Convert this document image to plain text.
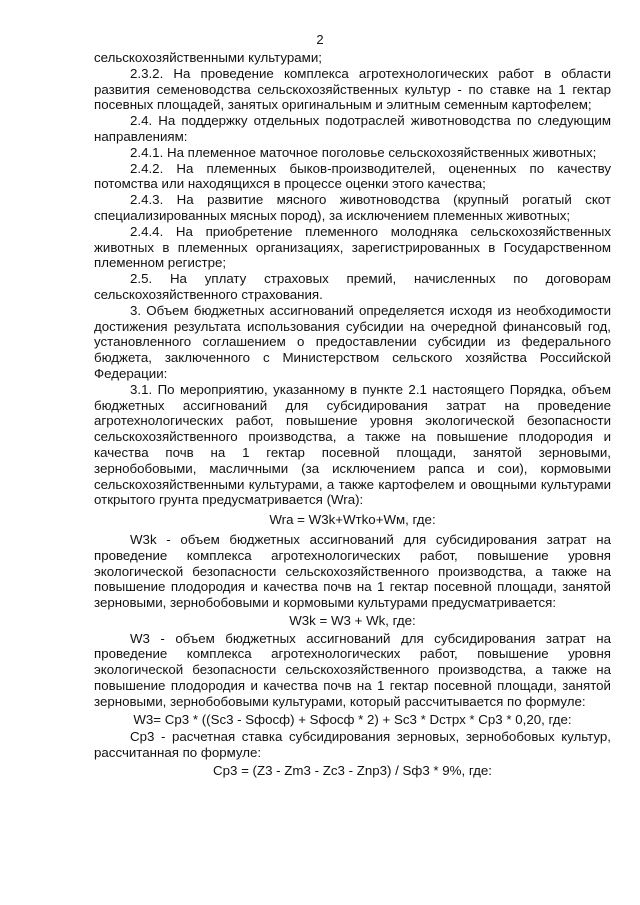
2

сельскохозяйственными культурами;

2.3.2. На проведение комплекса агротехнологических работ в области развития семеноводства сельскохозяйственных культур - по ставке на 1 гектар посевных площадей, занятых оригинальным и элитным семенным картофелем;

2.4. На поддержку отдельных подотраслей животноводства по следующим направлениям:

2.4.1. На племенное маточное поголовье сельскохозяйственных животных;

2.4.2. На племенных быков-производителей, оцененных по качеству потомства или находящихся в процессе оценки этого качества;

2.4.3. На развитие мясного животноводства (крупный рогатый скот специализированных мясных пород), за исключением племенных животных;

2.4.4. На приобретение племенного молодняка сельскохозяйственных животных в племенных организациях, зарегистрированных в Государственном племенном регистре;

2.5. На уплату страховых премий, начисленных по договорам сельскохозяйственного страхования.

3. Объем бюджетных ассигнований определяется исходя из необходимости достижения результата использования субсидии на очередной финансовый год, установленного соглашением о предоставлении субсидии из федерального бюджета, заключенного с Министерством сельского хозяйства Российской Федерации:

3.1. По мероприятию, указанному в пункте 2.1 настоящего Порядка, объем бюджетных ассигнований для субсидирования затрат на проведение агротехнологических работ, повышение уровня экологической безопасности сельскохозяйственного производства, а также на повышение плодородия и качества почв на 1 гектар посевной площади, занятой зерновыми, зернобобовыми, масличными (за исключением рапса и сои), кормовыми сельскохозяйственными культурами, а также картофелем и овощными культурами открытого грунта предусматривается (Wra):

Wra = W3k+Wтko+Wм, где:

W3k - объем бюджетных ассигнований для субсидирования затрат на проведение комплекса агротехнологических работ, повышение уровня экологической безопасности сельскохозяйственного производства, а также на повышение плодородия и качества почв на 1 гектар посевной площади, занятой зерновыми, зернобобовыми и кормовыми культурами предусматривается:

W3k = W3 + Wk, где:

W3 - объем бюджетных ассигнований для субсидирования затрат на проведение комплекса агротехнологических работ, повышение уровня экологической безопасности сельскохозяйственного производства, а также на повышение плодородия и качества почв на 1 гектар посевной площади, занятой зерновыми, зернобобовыми культурами, который рассчитывается по формуле:

W3= Cp3 * ((Sc3 - Sфосф) + Sфосф * 2) + Sc3 * Dстрх * Cp3 * 0,20, где:

Cp3 - расчетная ставка субсидирования зерновых, зернобобовых культур, рассчитанная по формуле:

Cp3 = (Z3 - Zm3 - Zc3 - Znp3) / Sф3 * 9%, где:
